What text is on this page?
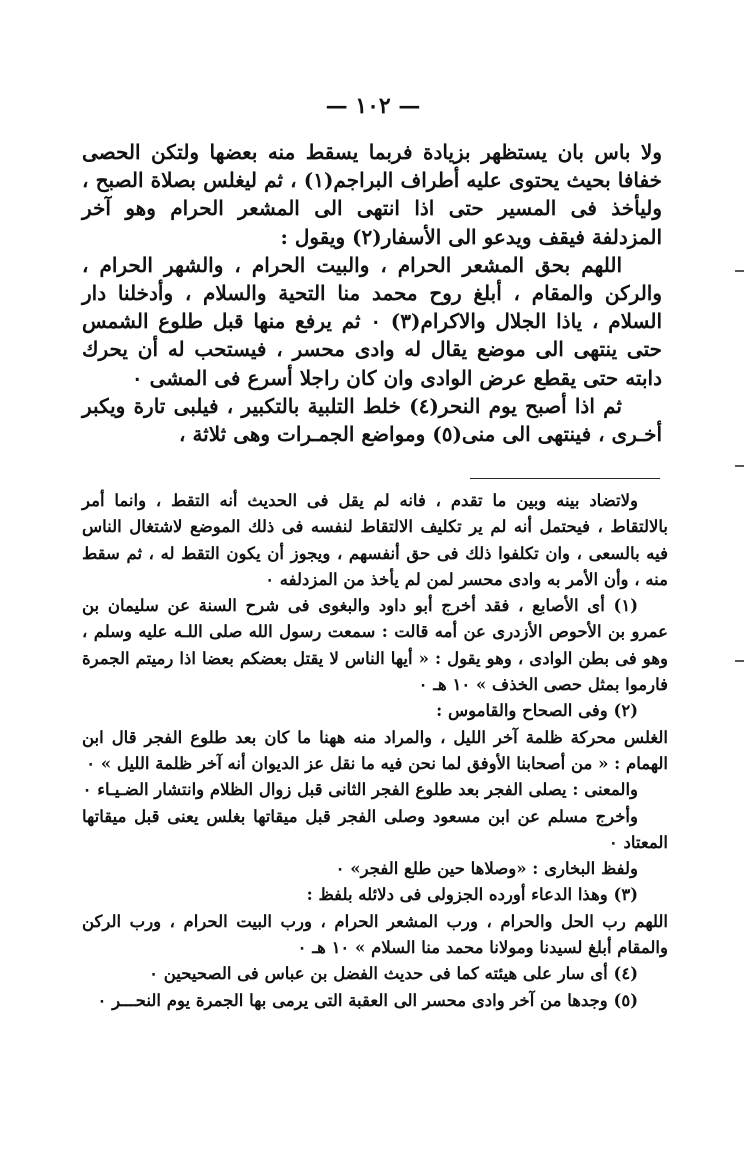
— ١٠٢ —

ولا باس بان يستظهر بزيادة فربما يسقط منه بعضها ولتكن الحصى خفافا بحيث يحتوى عليه أطراف البراجم(١) ، ثم ليغلس بصلاة الصبح ، وليأخذ فى المسير حتى اذا انتهى الى المشعر الحرام وهو آخر المزدلفة فيقف ويدعو الى الأسفار(٢) ويقول :

اللهم بحق المشعر الحرام ، والبيت الحرام ، والشهر الحرام ، والركن والمقام ، أبلغ روح محمد منا التحية والسلام ، وأدخلنا دار السلام ، ياذا الجلال والاكرام(٣) ٠ ثم يرفع منها قبل طلوع الشمس حتى ينتهى الى موضع يقال له وادى محسر ، فيستحب له أن يحرك دابته حتى يقطع عرض الوادى وان كان راجلا أسرع فى المشى ٠

ثم اذا أصبح يوم النحر(٤) خلط التلبية بالتكبير ، فيلبى تارة ويكبر أخـرى ، فينتهى الى منى(٥) ومواضع الجمـرات وهى ثلاثة ،

ولاتضاد بينه وبين ما تقدم ، فانه لم يقل فى الحديث أنه التقط ، وانما أمر بالالتقاط ، فيحتمل أنه لم ير تكليف الالتقاط لنفسه فى ذلك الموضع لاشتغال الناس فيه بالسعى ، وان تكلفوا ذلك فى حق أنفسهم ، ويجوز أن يكون التقط له ، ثم سقط منه ، وأن الأمر به وادى محسر لمن لم يأخذ من المزدلفه ٠

(١) أى الأصابع ، فقد أخرج أبو داود والبغوى فى شرح السنة عن سليمان بن عمرو بن الأحوص الأزدرى عن أمه قالت : سمعت رسول الله صلى اللـه عليه وسلم ، وهو فى بطن الوادى ، وهو يقول : « أيها الناس لا يقتل بعضكم بعضا اذا رميتم الجمرة فارموا بمثل حصى الخذف » ١٠ هـ ٠

(٢) وفى الصحاح والقاموس :

الغلس محركة ظلمة آخر الليل ، والمراد منه ههنا ما كان بعد طلوع الفجر قال ابن الهمام : « من أصحابنا الأوفق لما نحن فيه ما نقل عز الديوان أنه آخر ظلمة الليل » ٠

والمعنى : يصلى الفجر بعد طلوع الفجر الثانى قبل زوال الظلام وانتشار الضـيـاء ٠

وأخرج مسلم عن ابن مسعود وصلى الفجر قبل ميقاتها بغلس يعنى قبل ميقاتها المعتاد ٠

ولفظ البخارى : «وصلاها حين طلع الفجر» ٠

(٣) وهذا الدعاء أورده الجزولى فى دلائله بلفظ :

اللهم رب الحل والحرام ، ورب المشعر الحرام ، ورب البيت الحرام ، ورب الركن والمقام أبلغ لسيدنا ومولانا محمد منا السلام » ١٠ هـ ٠

(٤) أى سار على هيئته كما فى حديث الفضل بن عباس فى الصحيحين ٠

(٥) وجدها من آخر وادى محسر الى العقبة التى يرمى بها الجمرة يوم النحـــر ٠
